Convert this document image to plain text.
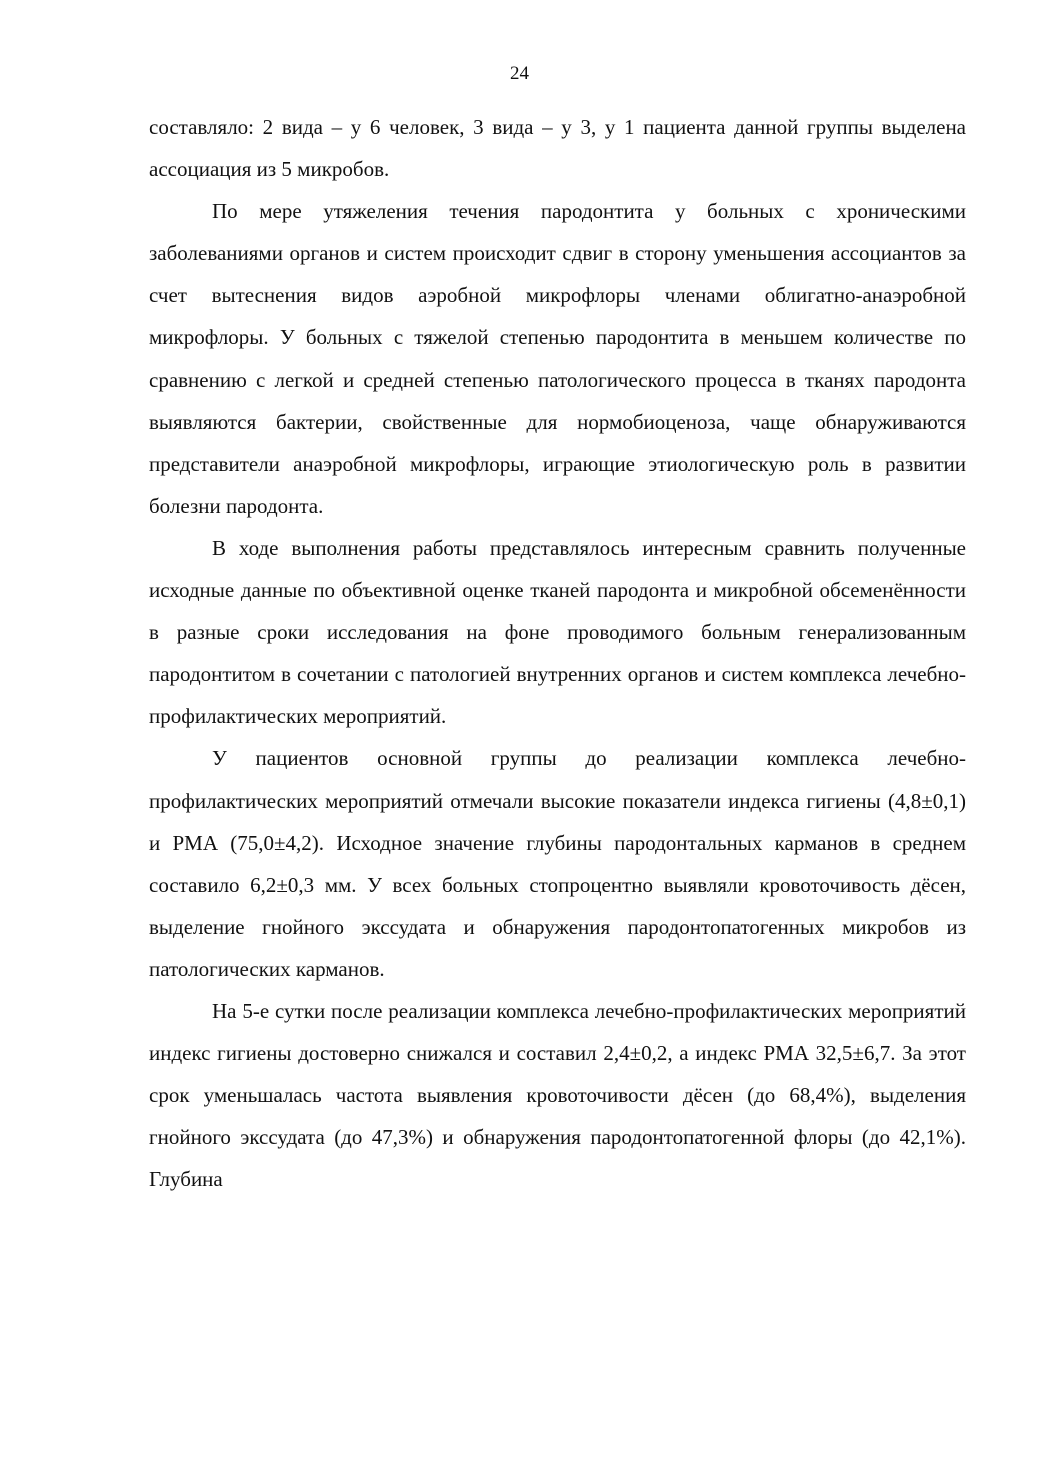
24

составляло: 2 вида – у 6 человек, 3 вида – у 3, у 1 пациента данной группы выделена ассоциация из 5 микробов.

По мере утяжеления течения пародонтита у больных с хроническими заболеваниями органов и систем происходит сдвиг в сторону уменьшения ассоциантов за счет вытеснения видов аэробной микрофлоры членами облигатно-анаэробной микрофлоры. У больных с тяжелой степенью пародонтита в меньшем количестве по сравнению с легкой и средней степенью патологического процесса в тканях пародонта выявляются бактерии, свойственные для нормобиоценоза, чаще обнаруживаются представители анаэробной микрофлоры, играющие этиологическую роль в развитии болезни пародонта.

В ходе выполнения работы представлялось интересным сравнить полученные исходные данные по объективной оценке тканей пародонта и микробной обсеменённости в разные сроки исследования на фоне проводимого больным генерализованным пародонтитом в сочетании с патологией внутренних органов и систем комплекса лечебно-профилактических мероприятий.

У пациентов основной группы до реализации комплекса лечебно-профилактических мероприятий отмечали высокие показатели индекса гигиены (4,8±0,1) и РМА (75,0±4,2). Исходное значение глубины пародонтальных карманов в среднем составило 6,2±0,3 мм. У всех больных стопроцентно выявляли кровоточивость дёсен, выделение гнойного экссудата и обнаружения пародонтопатогенных микробов из патологических карманов.

На 5-е сутки после реализации комплекса лечебно-профилактических мероприятий индекс гигиены достоверно снижался и составил 2,4±0,2, а индекс РМА 32,5±6,7. За этот срок уменьшалась частота выявления кровоточивости дёсен (до 68,4%), выделения гнойного экссудата (до 47,3%) и обнаружения пародонтопатогенной флоры (до 42,1%). Глубина
